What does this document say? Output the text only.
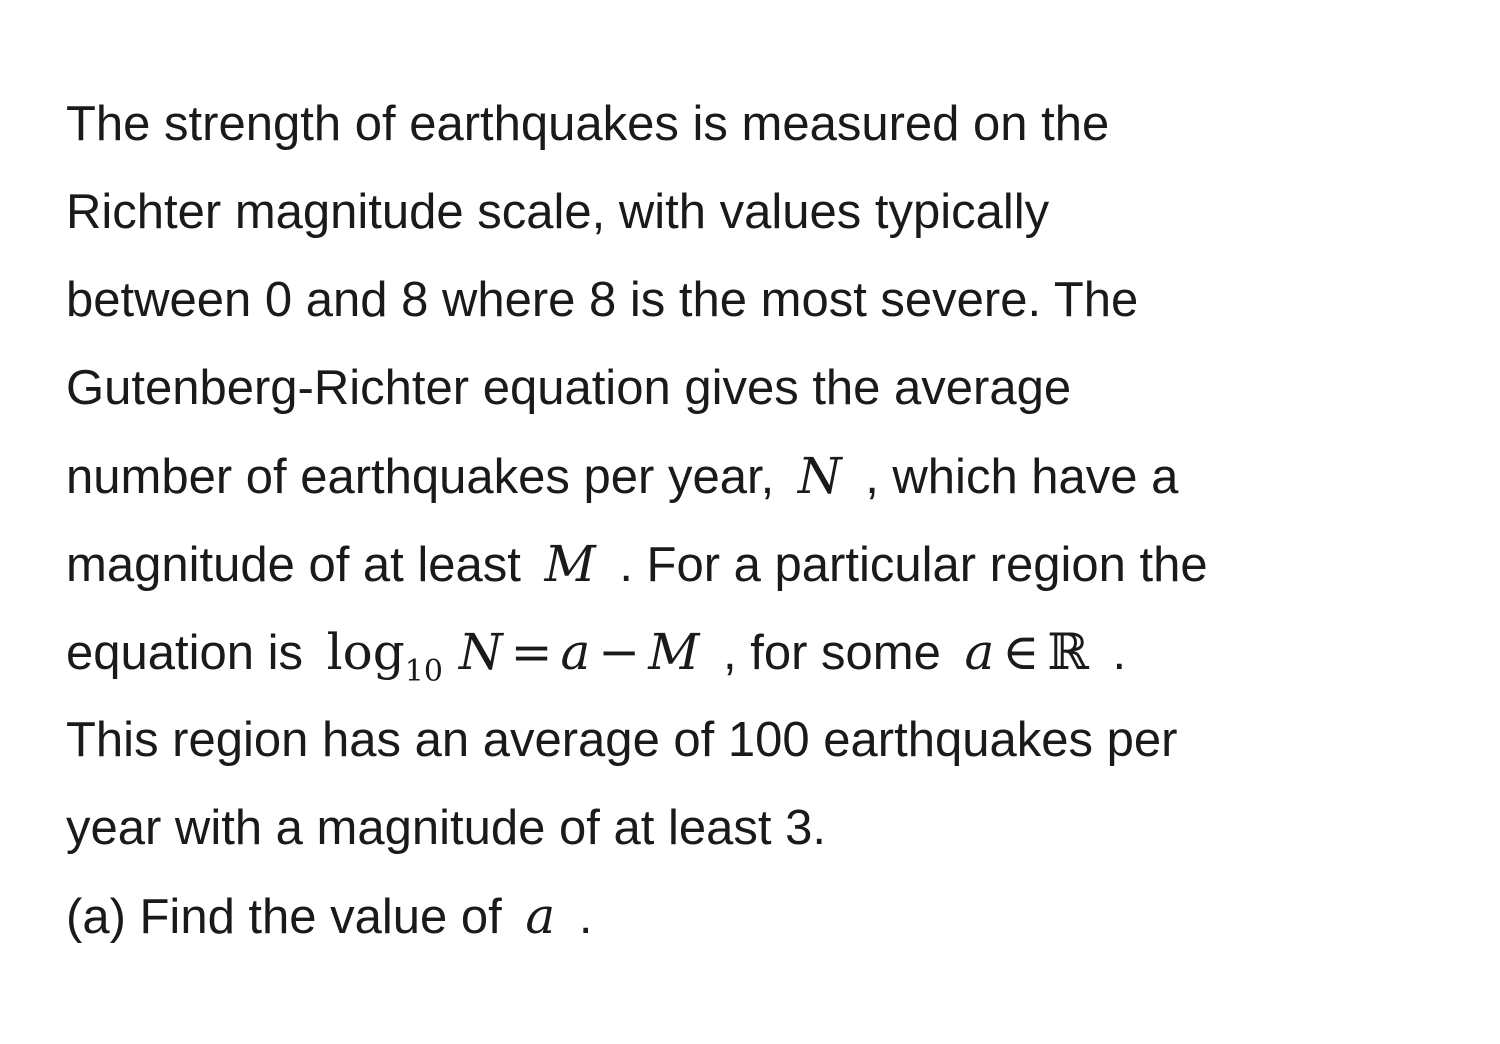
The strength of earthquakes is measured on the
Richter magnitude scale, with values typically
between 0 and 8 where 8 is the most severe. The
Gutenberg-Richter equation gives the average
number of earthquakes per year, N , which have a
magnitude of at least M . For a particular region the
equation is $\log_{10} N = a - M$ , for some a ∈ ℝ .
This region has an average of 100 earthquakes per
year with a magnitude of at least 3.
(a) Find the value of a .
